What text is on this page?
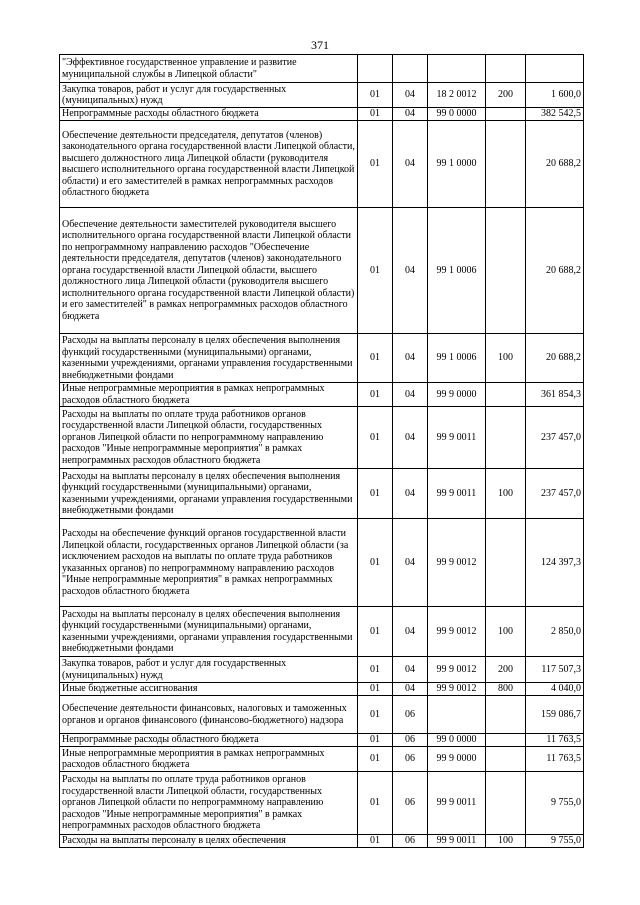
371
"Эффективное государственное управление и развитие муниципальной службы в Липецкой области"					
Закупка товаров, работ и услуг для государственных (муниципальных) нужд	01	04	18 2 0012	200	1 600,0
Непрограммные расходы областного бюджета	01	04	99 0 0000		382 542,5
Обеспечение деятельности председателя, депутатов (членов) законодательного органа государственной власти Липецкой области, высшего должностного лица Липецкой области (руководителя высшего исполнительного органа государственной власти Липецкой области) и его заместителей в рамках непрограммных расходов областного бюджета	01	04	99 1 0000		20 688,2
Обеспечение деятельности заместителей руководителя высшего исполнительного органа государственной власти Липецкой области по непрограммному направлению расходов "Обеспечение деятельности председателя, депутатов (членов) законодательного органа государственной власти Липецкой области, высшего должностного лица Липецкой области (руководителя высшего исполнительного органа государственной власти Липецкой области) и его заместителей" в рамках непрограммных расходов областного бюджета	01	04	99 1 0006		20 688,2
Расходы на выплаты персоналу в целях обеспечения выполнения функций государственными (муниципальными) органами, казенными учреждениями, органами управления государственными внебюджетными фондами	01	04	99 1 0006	100	20 688,2
Иные непрограммные мероприятия в рамках непрограммных расходов областного бюджета	01	04	99 9 0000		361 854,3
Расходы на выплаты по оплате труда работников органов государственной власти Липецкой области, государственных органов Липецкой области по непрограммному направлению расходов "Иные непрограммные мероприятия" в рамках непрограммных расходов областного бюджета	01	04	99 9 0011		237 457,0
Расходы на выплаты персоналу в целях обеспечения выполнения функций государственными (муниципальными) органами, казенными учреждениями, органами управления государственными внебюджетными фондами	01	04	99 9 0011	100	237 457,0
Расходы на обеспечение функций органов государственной власти Липецкой области, государственных органов Липецкой области (за исключением расходов на выплаты по оплате труда работников указанных органов) по непрограммному направлению расходов "Иные непрограммные мероприятия" в рамках непрограммных расходов областного бюджета	01	04	99 9 0012		124 397,3
Расходы на выплаты персоналу в целях обеспечения выполнения функций государственными (муниципальными) органами, казенными учреждениями, органами управления государственными внебюджетными фондами	01	04	99 9 0012	100	2 850,0
Закупка товаров, работ и услуг для государственных (муниципальных) нужд	01	04	99 9 0012	200	117 507,3
Иные бюджетные ассигнования	01	04	99 9 0012	800	4 040,0
Обеспечение деятельности финансовых, налоговых и таможенных органов и органов финансового (финансово-бюджетного) надзора	01	06			159 086,7
Непрограммные расходы областного бюджета	01	06	99 0 0000		11 763,5
Иные непрограммные мероприятия в рамках непрограммных расходов областного бюджета	01	06	99 9 0000		11 763,5
Расходы на выплаты по оплате труда работников органов государственной власти Липецкой области, государственных органов Липецкой области по непрограммному направлению расходов "Иные непрограммные мероприятия" в рамках непрограммных расходов областного бюджета	01	06	99 9 0011		9 755,0
Расходы на выплаты персоналу в целях обеспечения	01	06	99 9 0011	100	9 755,0
